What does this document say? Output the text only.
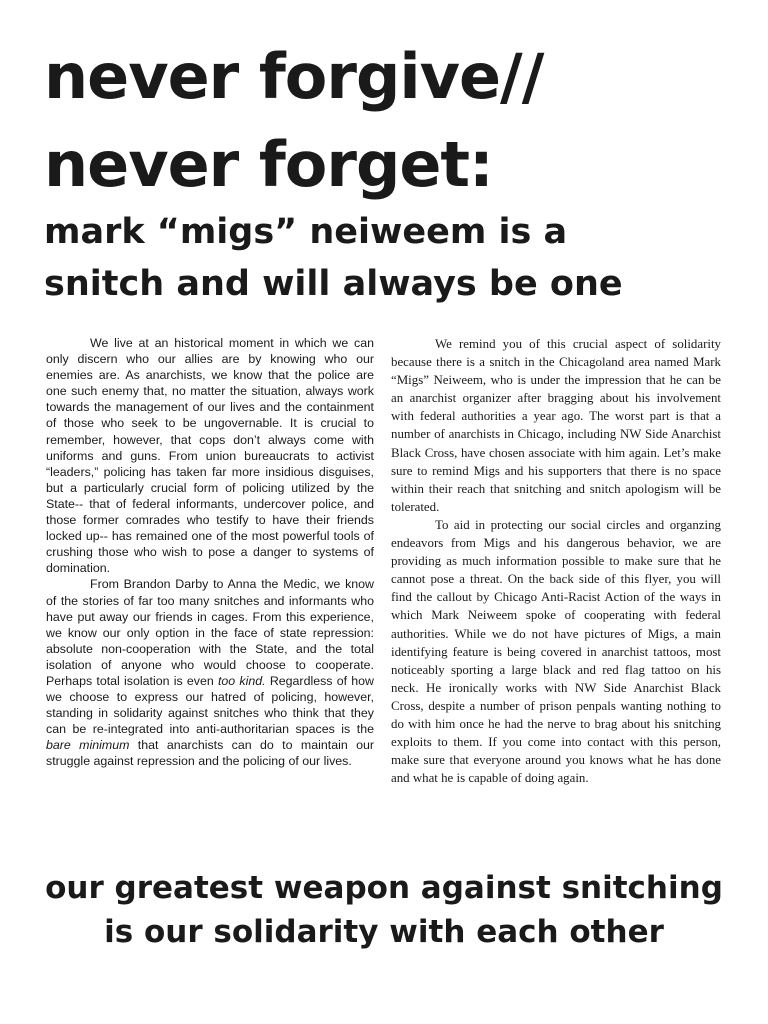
never forgive//
never forget:
mark “migs” neiweem is a
snitch and will always be one

We live at an historical moment in which we can only discern who our allies are by knowing who our enemies are. As anarchists, we know that the police are one such enemy that, no matter the situation, always work towards the management of our lives and the containment of those who seek to be ungovernable. It is crucial to remember, however, that cops don’t always come with uniforms and guns. From union bureaucrats to activist “leaders,” policing has taken far more insidious disguises, but a particularly crucial form of policing utilized by the State-- that of federal informants, undercover police, and those former comrades who testify to have their friends locked up-- has remained one of the most powerful tools of crushing those who wish to pose a danger to systems of domination.

From Brandon Darby to Anna the Medic, we know of the stories of far too many snitches and informants who have put away our friends in cages. From this experience, we know our only option in the face of state repression: absolute non-cooperation with the State, and the total isolation of anyone who would choose to cooperate. Perhaps total isolation is even too kind. Regardless of how we choose to express our hatred of policing, however, standing in solidarity against snitches who think that they can be re-integrated into anti-authoritarian spaces is the bare minimum that anarchists can do to maintain our struggle against repression and the policing of our lives.

We remind you of this crucial aspect of solidarity because there is a snitch in the Chicagoland area named Mark “Migs” Neiweem, who is under the impression that he can be an anarchist organizer after bragging about his involvement with federal authorities a year ago. The worst part is that a number of anarchists in Chicago, including NW Side Anarchist Black Cross, have chosen associate with him again. Let’s make sure to remind Migs and his supporters that there is no space within their reach that snitching and snitch apologism will be tolerated.

To aid in protecting our social circles and organzing endeavors from Migs and his dangerous behavior, we are providing as much information possible to make sure that he cannot pose a threat. On the back side of this flyer, you will find the callout by Chicago Anti-Racist Action of the ways in which Mark Neiweem spoke of cooperating with federal authorities. While we do not have pictures of Migs, a main identifying feature is being covered in anarchist tattoos, most noticeably sporting a large black and red flag tattoo on his neck. He ironically works with NW Side Anarchist Black Cross, despite a number of prison penpals wanting nothing to do with him once he had the nerve to brag about his snitching exploits to them. If you come into contact with this person, make sure that everyone around you knows what he has done and what he is capable of doing again.

our greatest weapon against snitching
is our solidarity with each other
